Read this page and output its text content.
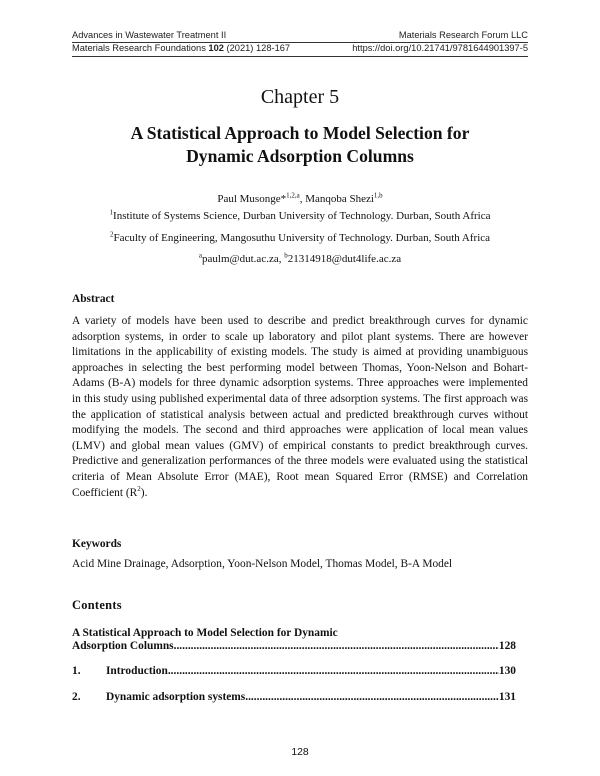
Advances in Wastewater Treatment II	Materials Research Forum LLC
Materials Research Foundations 102 (2021) 128-167	https://doi.org/10.21741/9781644901397-5
Chapter 5
A Statistical Approach to Model Selection for
Dynamic Adsorption Columns
Paul Musonge*$^{1,2,a}$, Manqoba Shezi$^{1,b}$
$^1$Institute of Systems Science, Durban University of Technology. Durban, South Africa
$^2$Faculty of Engineering, Mangosuthu University of Technology. Durban, South Africa
$^a$paulm@dut.ac.za, $^b$21314918@dut4life.ac.za
Abstract

A variety of models have been used to describe and predict breakthrough curves for dynamic adsorption systems, in order to scale up laboratory and pilot plant systems. There are however limitations in the applicability of existing models. The study is aimed at providing unambiguous approaches in selecting the best performing model between Thomas, Yoon-Nelson and Bohart-Adams (B-A) models for three dynamic adsorption systems. Three approaches were implemented in this study using published experimental data of three adsorption systems. The first approach was the application of statistical analysis between actual and predicted breakthrough curves without modifying the models. The second and third approaches were application of local mean values (LMV) and global mean values (GMV) of empirical constants to predict breakthrough curves. Predictive and generalization performances of the three models were evaluated using the statistical criteria of Mean Absolute Error (MAE), Root mean Squared Error (RMSE) and Correlation Coefficient $(R^2)$.

Keywords
Acid Mine Drainage, Adsorption, Yoon-Nelson Model, Thomas Model, B-A Model
Contents
A Statistical Approach to Model Selection for Dynamic
Adsorption Columns .....	128
1.	Introduction .....	130
2.	Dynamic adsorption systems .....	131
128
